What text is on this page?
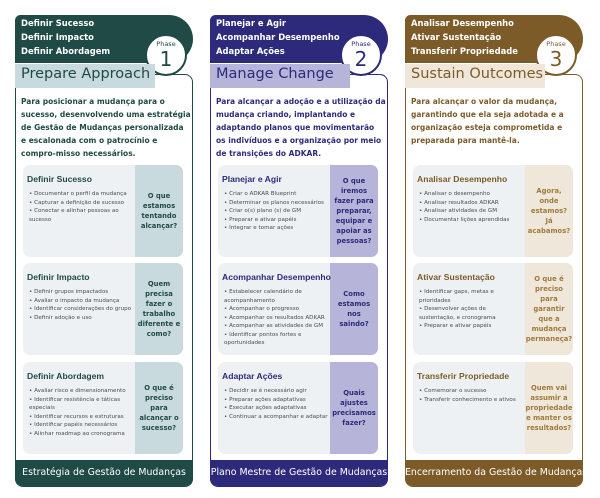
Definir Sucesso
Definir Impacto
Definir Abordagem
Phase
1
Prepare Approach
Para posicionar a mudança para o sucesso, desenvolvendo uma estratégia de Gestão de Mudanças personalizada e escalonada com o patrocínio e compro-misso necessários.
O que estamos tentando alcançar?
Definir Sucesso
• Documentar o perfil da mudança
• Capturar a definição de sucesso
• Conectar e alinhar pessoas ao sucesso
Quem precisa fazer o trabalho diferente e como?
Definir Impacto
• Definir grupos impactados
• Avaliar o impacto da mudança
• Identificar considerações do grupo
• Definir adoção e uso
O que é preciso para alcançar o sucesso?
Definir Abordagem
• Avaliar risco e dimensionamento
• Identificar resistência e táticas especiais
• Identificar recursos e estruturas
• Identificar papéis necessários
• Alinhar roadmap ao cronograma
Estratégia de Gestão de Mudanças
Planejar e Agir
Acompanhar Desempenho
Adaptar Ações
Phase
2
Manage Change
Para alcançar a adoção e a utilização da mudança criando, implantando e adaptando planos que movimentarão os indivíduos e a organização por meio de transições do ADKAR.
O que iremos fazer para preparar, equipar e apoiar as pessoas?
Planejar e Agir
• Criar o ADKAR Blueprint
• Determinar os planos necessários
• Criar o(s) plano (s) de GM
• Preparar e ativar papéis
• Integrar e tomar ações
Como estamos nos saindo?
Acompanhar Desempenho
• Estabelecer calendário de acompanhamento
• Acompanhar o progresso
• Acompanhar os resultados ADKAR
• Acompanhar as atividades de GM
• Identificar pontos fortes e oportunidades
Quais ajustes precisamos fazer?
Adaptar Ações
• Decidir se é necessário agir
• Preparar ações adaptativas
• Executar ações adaptativas
• Continuar a acompanhar e adaptar
Plano Mestre de Gestão de Mudanças
Analisar Desempenho
Ativar Sustentação
Transferir Propriedade
Phase
3
Sustain Outcomes
Para alcançar o valor da mudança, garantindo que ela seja adotada e a organização esteja comprometida e preparada para mantê-la.
Agora, onde estamos? Já acabamos?
Analisar Desempenho
• Analisar o desempenho
• Analisar resultados ADKAR
• Analisar atividades de GM
• Documentar lições aprendidas
O que é preciso para garantir que a mudança permaneça?
Ativar Sustentação
• Identificar gaps, metas e prioridades
• Desenvolver ações de sustentação, e cronograma
• Preparar e ativar papéis
Quem vai assumir a propriedade e manter os resultados?
Transferir Propriedade
• Comemorar o sucesso
• Transferir conhecimento e ativos
Encerramento da Gestão de Mudanças
